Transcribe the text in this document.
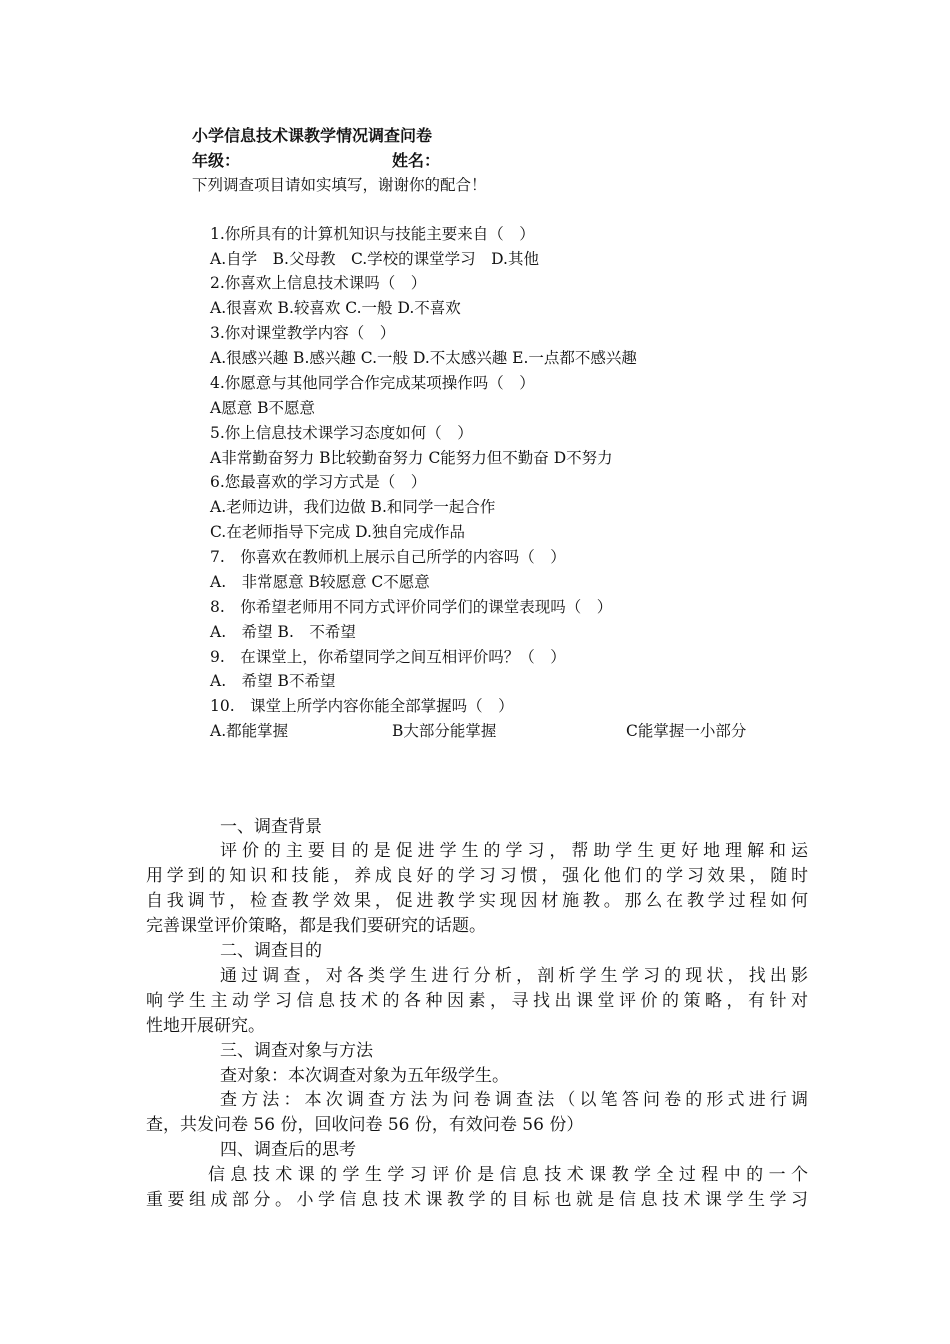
小学信息技术课教学情况调查问卷
年级：	姓名：
下列调查项目请如实填写，谢谢你的配合！
1.你所具有的计算机知识与技能主要来自（　）
A.自学　B.父母教　C.学校的课堂学习　D.其他
2.你喜欢上信息技术课吗（　）
A.很喜欢 B.较喜欢 C.一般 D.不喜欢
3.你对课堂教学内容（　）
A.很感兴趣 B.感兴趣 C.一般 D.不太感兴趣 E.一点都不感兴趣
4.你愿意与其他同学合作完成某项操作吗（　）
A愿意 B不愿意
5.你上信息技术课学习态度如何（　）
A非常勤奋努力 B比较勤奋努力 C能努力但不勤奋 D不努力
6.您最喜欢的学习方式是（　）
A.老师边讲，我们边做 B.和同学一起合作
C.在老师指导下完成 D.独自完成作品
7.　你喜欢在教师机上展示自己所学的内容吗（　）
A.　非常愿意 B较愿意 C不愿意
8.　你希望老师用不同方式评价同学们的课堂表现吗（　）
A.　希望 B.　不希望
9.　在课堂上，你希望同学之间互相评价吗？（　）
A.　希望 B不希望
10.　课堂上所学内容你能全部掌握吗（　）
A.都能掌握	B大部分能掌握	C能掌握一小部分
一、调查背景
评价的主要目的是促进学生的学习，帮助学生更好地理解和运
用学到的知识和技能，养成良好的学习习惯，强化他们的学习效果，随时
自我调节，检查教学效果，促进教学实现因材施教。那么在教学过程如何
完善课堂评价策略，都是我们要研究的话题。
二、调查目的
通过调查，对各类学生进行分析，剖析学生学习的现状，找出影
响学生主动学习信息技术的各种因素，寻找出课堂评价的策略，有针对
性地开展研究。
三、调查对象与方法
查对象：本次调查对象为五年级学生。
查方法：本次调查方法为问卷调查法（以笔答问卷的形式进行调
查，共发问卷 56 份，回收问卷 56 份，有效问卷 56 份）
四、调查后的思考
信息技术课的学生学习评价是信息技术课教学全过程中的一个
重要组成部分。小学信息技术课教学的目标也就是信息技术课学生学习
